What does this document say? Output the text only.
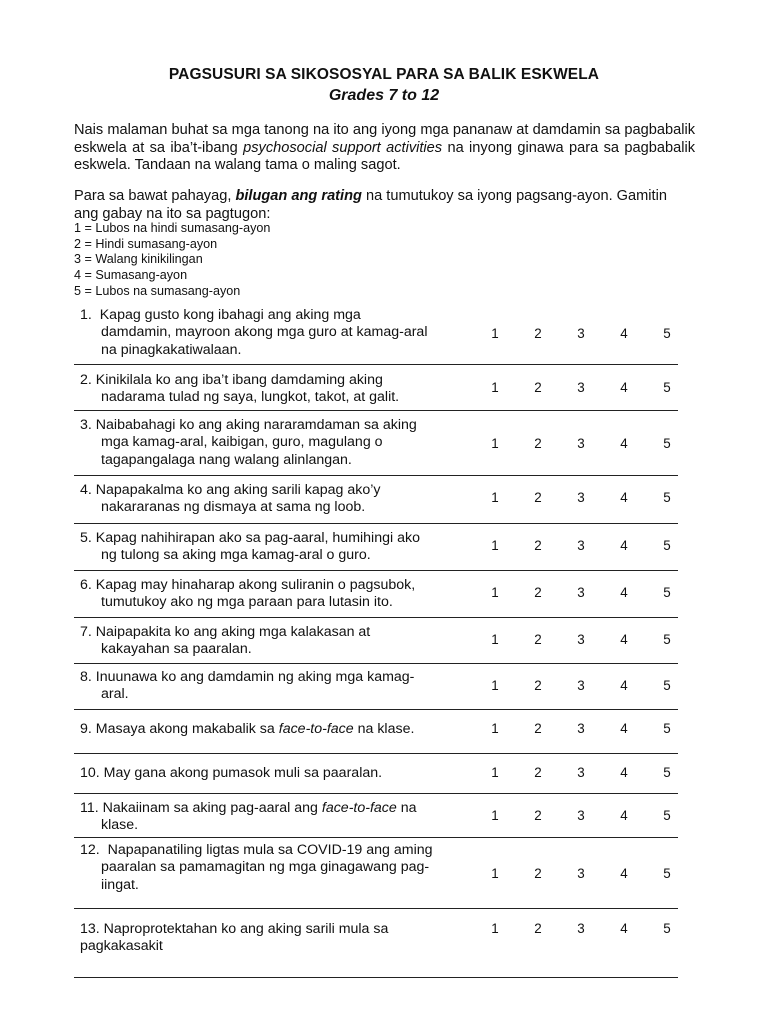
PAGSUSURI SA SIKOSOSYAL PARA SA BALIK ESKWELA
Grades 7 to 12
Nais malaman buhat sa mga tanong na ito ang iyong mga pananaw at damdamin sa pagbabalik eskwela at sa iba’t-ibang psychosocial support activities na inyong ginawa para sa pagbabalik eskwela. Tandaan na walang tama o maling sagot.
Para sa bawat pahayag, bilugan ang rating na tumutukoy sa iyong pagsang-ayon. Gamitin ang gabay na ito sa pagtugon:
1 = Lubos na hindi sumasang-ayon
2 = Hindi sumasang-ayon
3 = Walang kinikilingan
4 = Sumasang-ayon
5 = Lubos na sumasang-ayon
1.  Kapag gusto kong ibahagi ang aking mga
damdamin, mayroon akong mga guro at kamag-aral
na pinagkakatiwalaan.
1	2	3	4	5
2. Kinikilala ko ang iba’t ibang damdaming aking
nadarama tulad ng saya, lungkot, takot, at galit.
1	2	3	4	5
3. Naibabahagi ko ang aking nararamdaman sa aking
mga kamag-aral, kaibigan, guro, magulang o
tagapangalaga nang walang alinlangan.
1	2	3	4	5
4. Napapakalma ko ang aking sarili kapag ako’y
nakararanas ng dismaya at sama ng loob.
1	2	3	4	5
5. Kapag nahihirapan ako sa pag-aaral, humihingi ako
ng tulong sa aking mga kamag-aral o guro.
1	2	3	4	5
6. Kapag may hinaharap akong suliranin o pagsubok,
tumutukoy ako ng mga paraan para lutasin ito.
1	2	3	4	5
7. Naipapakita ko ang aking mga kalakasan at
kakayahan sa paaralan.
1	2	3	4	5
8. Inuunawa ko ang damdamin ng aking mga kamag-
aral.
1	2	3	4	5
9. Masaya akong makabalik sa face-to-face na klase.	1	2	3	4	5
10. May gana akong pumasok muli sa paaralan.	1	2	3	4	5
11. Nakaiinam sa aking pag-aaral ang face-to-face na
klase.
1	2	3	4	5
12.  Napapanatiling ligtas mula sa COVID-19 ang aming
paaralan sa pamamagitan ng mga ginagawang pag-
iingat.
1	2	3	4	5
13. Naproprotektahan ko ang aking sarili mula sa
pagkakasakit
1	2	3	4	5
